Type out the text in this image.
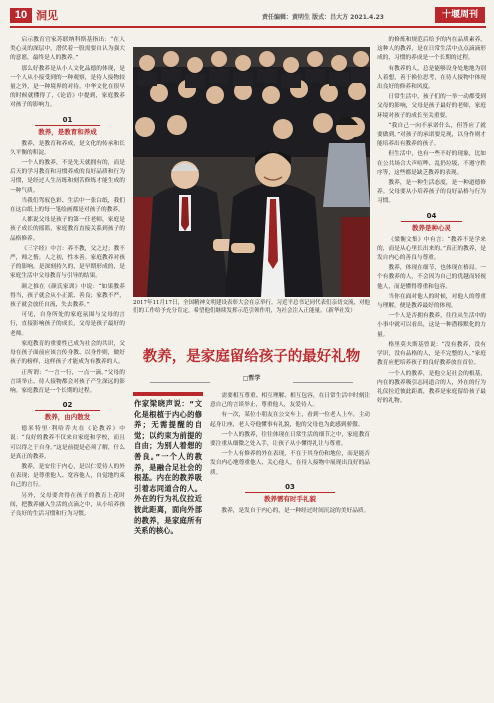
10 洞见	责任编辑：黄明生 版式：吕大方 2021.4.23	十堰周刊

启示教育官家苏联纳科斯基指出：“在人类心灵的深层中，潜伏着一股需要自认为强大的意愿，最终是人的教养。”

那么好教养是从小人文化品德的体现，是一个人从小接受到的一种观察，是待人接物较量之外，是一种境界的对待。中华文化在很早的时候就懂得了，《论语》中提到，家庭教养对孩子的影响力。

01
教养，是教育和养成

教养，是教育和养成，是文化的传承和长久平衡的积淀。

一个人的教养，不是先天就拥有的，而是后天的学习教育和习惯养成的良好品质和行为习惯，是经过人生历练和刻苦修炼才能生成的一种气质。

当我们驾驭色彩、生活中一张白纸，我们在这白纸上的每一笔绘画都是对孩子的教养。

人都说父母是孩子的第一任老师，家庭是孩子成长的摇篮，家庭教育直接关系到孩子的品格修养。

《三字经》中言：养不教，父之过；教不严，师之惰。人之初，性本善。家庭教养对孩子的影响，是深刻持久的，是早期形成的，是家庭生活中父母教育与引导的结果。

颜之推在《颜氏家训》中说：“如果教养得当，孩子就会从小正派、善良；家教不严，孩子就会放任自流，失去教养。”

可见，自身所处的家庭氛围与父母的言行，直接影响孩子的成长，父母是孩子最好的老师。

家庭教育的重要性已成为社会的共识，父母在孩子面前应该言传身教、以身作则，做好孩子的榜样，这样孩子才能成为有教养的人。

正所谓：“一言一行，一点一滴。”父母的言谈举止、待人接物都会对孩子产生深远的影响。家庭教育是一个长期的过程。

02
教养，由内散发

德米特里·利哈乔夫在《论教养》中说：“良好的教养不仅来自家庭和学校，而且可以得之于自身。”这是前提是必须了解，什么是真正的教养。

教养，是安住于内心，是以仁爱待人的外在表现；是尊重他人、宽容他人，自觉地约束自己的言行。

另外，父母要舍得在孩子的教育上花时间，把教养融入生活的点滴之中，从小培养孩子良好的生活习惯和行为习惯。

2017年11月17日，全国精神文明建设表彰大会在京举行。习近平总书记同代表们亲切交流，对他们的工作给予充分肯定，希望他们继续发挥示范引领作用，为社会注入正能量。（新华社发）
教养，是家庭留给孩子的最好礼物
□哲学
作家梁晓声说：“文化是根植于内心的修养；无需提醒的自觉；以约束为前提的自由；为别人着想的善良。”一个人的教养，是融合足社会的根基。内在的教养吸引着志同道合的人。外在的行为礼仪拉近彼此距离，面向外部的教养，是家庭所有关系的核心。

需要相互尊重、相互理解、相互包容，在日常生活中时刻注意自己的言谈举止，尊重他人，友爱待人。

有一次，某位小朋友在公交车上，看到一位老人上车，主动起身让座，老人夸他懂事有礼貌，他的父母也为此感到骄傲。

一个人的教养，往往体现在日常生活的细节之中，家庭教育要注重从细微之处入手，让孩子从小懂得礼让与尊重。

一个人有修养的外在表现，不在于其身份和地位，而是能否发自内心地尊重他人、关心他人，在待人接物中展现出良好的品质。

03
教养需有时手礼貌

教养，是发自于内心的，是一种经过时间沉淀的美好品质。

的修炼和规范后给予的内在品质素养。这种人的教养，是在日常生活中点点滴滴形成的，习惯的养成是一个长期的过程。

有教养的人，总是能够设身处地地为别人着想，善于换位思考，在待人接物中体现出良好的修养和风度。

日常生活中，孩子们的一举一动都受到父母的影响，父母是孩子最好的老师，家庭环境对孩子的成长至关重要。

“我自己一向不承诺什么，但答应了就要做到。”对孩子的承诺要兑现，以身作则才能培养出有教养的孩子。

但生活中，也有一些不好的现象，比如在公共场合大声喧哗、乱扔垃圾、不遵守秩序等，这些都是缺乏教养的表现。

教养，是一种生活态度，是一种道德修养。父母要从小培养孩子的良好品格与行为习惯。

04
教养是种心灵

《梁衡文集》中有言：“教养不是学来的，而是从心里长出来的。”真正的教养，是发自内心的善良与尊重。

教养，体现在细节，也体现在格局。一个有教养的人，不会因为自己的优越而轻视他人，而是懂得尊重和包容。

当你在面对他人的时候，对他人的尊重与理解，便是教养最好的体现。

一个人是否拥有教养，往往从生活中的小事中就可以看出，这是一种潜移默化的力量。

格里莫夫斯基曾说：“没有教养，没有学识，没有品格的人，是不完整的人。”家庭教育应把培养孩子的良好教养放在首位。

一个人的教养，是他立足社会的根基，内在的教养吸引志同道合的人，外在的行为礼仪拉近彼此距离，教养是家庭留给孩子最好的礼物。
